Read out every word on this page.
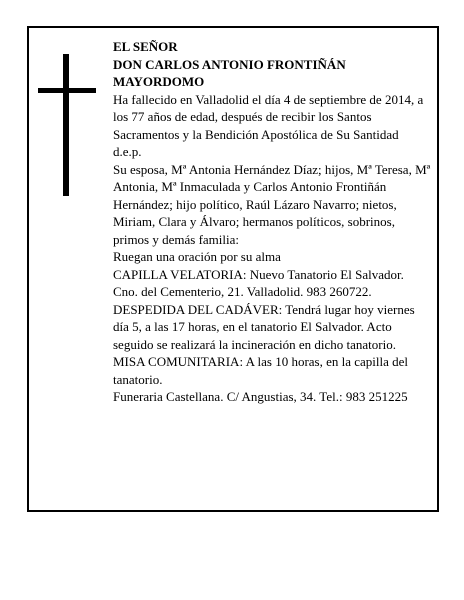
EL SEÑOR

DON CARLOS ANTONIO FRONTIÑÁN MAYORDOMO

Ha fallecido en Valladolid el día 4 de septiembre de 2014, a los 77 años de edad, después de recibir los Santos Sacramentos y la Bendición Apostólica de Su Santidad

d.e.p.

Su esposa, Mª Antonia Hernández Díaz; hijos, Mª Teresa, Mª Antonia, Mª Inmaculada y Carlos Antonio Frontiñán Hernández; hijo político, Raúl Lázaro Navarro; nietos, Miriam, Clara y Álvaro; hermanos políticos, sobrinos, primos y demás familia:

Ruegan una oración por su alma

CAPILLA VELATORIA: Nuevo Tanatorio El Salvador. Cno. del Cementerio, 21. Valladolid. 983 260722.

DESPEDIDA DEL CADÁVER: Tendrá lugar hoy viernes día 5, a las 17 horas, en el tanatorio El Salvador. Acto seguido se realizará la incineración en dicho tanatorio.

MISA COMUNITARIA: A las 10 horas, en la capilla del tanatorio.

Funeraria Castellana. C/ Angustias, 34. Tel.: 983 251225
